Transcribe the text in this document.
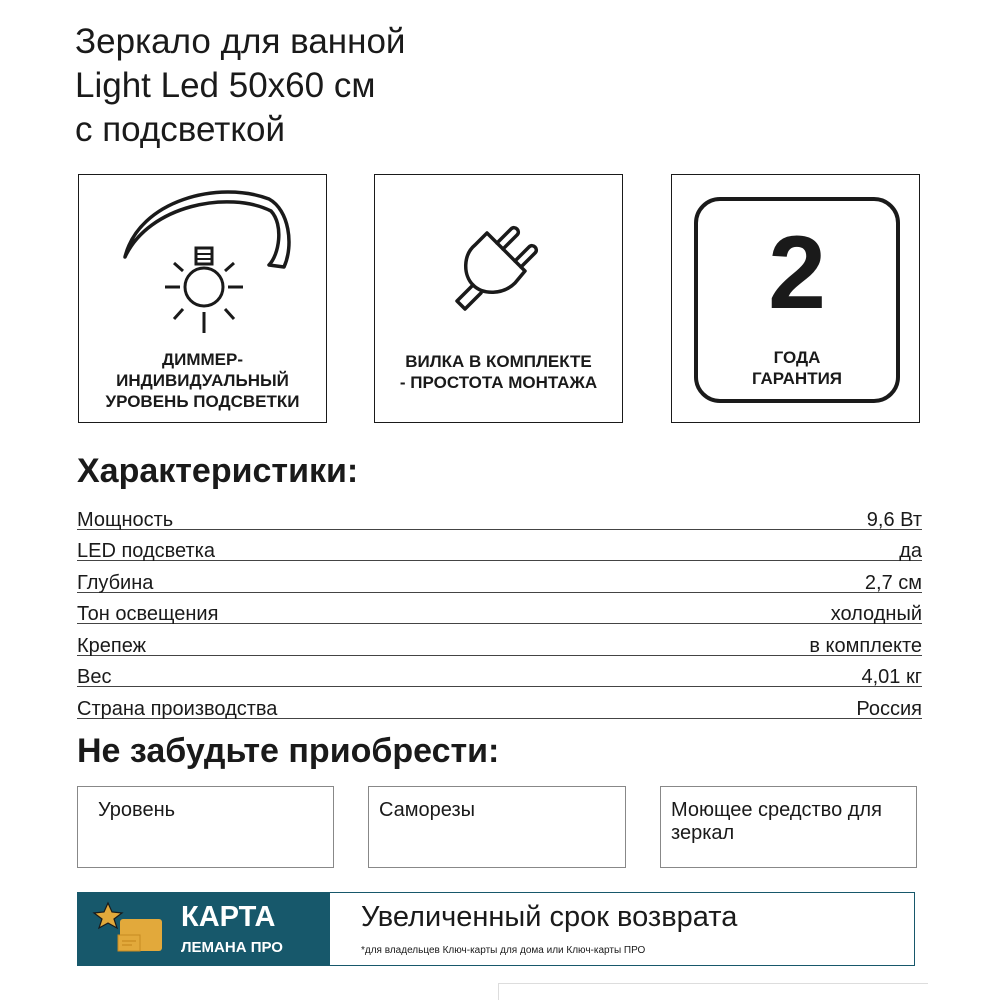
Зеркало для ванной
Light Led 50x60 см
с подсветкой
ДИММЕР-
ИНДИВИДУАЛЬНЫЙ
УРОВЕНЬ ПОДСВЕТКИ
ВИЛКА В КОМПЛЕКТЕ
- ПРОСТОТА МОНТАЖА
2
ГОДА
ГАРАНТИЯ
Характеристики:
Мощность	9,6 Вт
LED подсветка	да
Глубина	2,7 см
Тон освещения	холодный
Крепеж	в комплекте
Вес	4,01 кг
Страна производства	Россия
Не забудьте приобрести:
Уровень	Саморезы	Моющее средство для зеркал
КАРТА
ЛЕМАНА ПРО
Увеличенный срок возврата
*для владельцев Ключ-карты для дома или Ключ-карты ПРО
